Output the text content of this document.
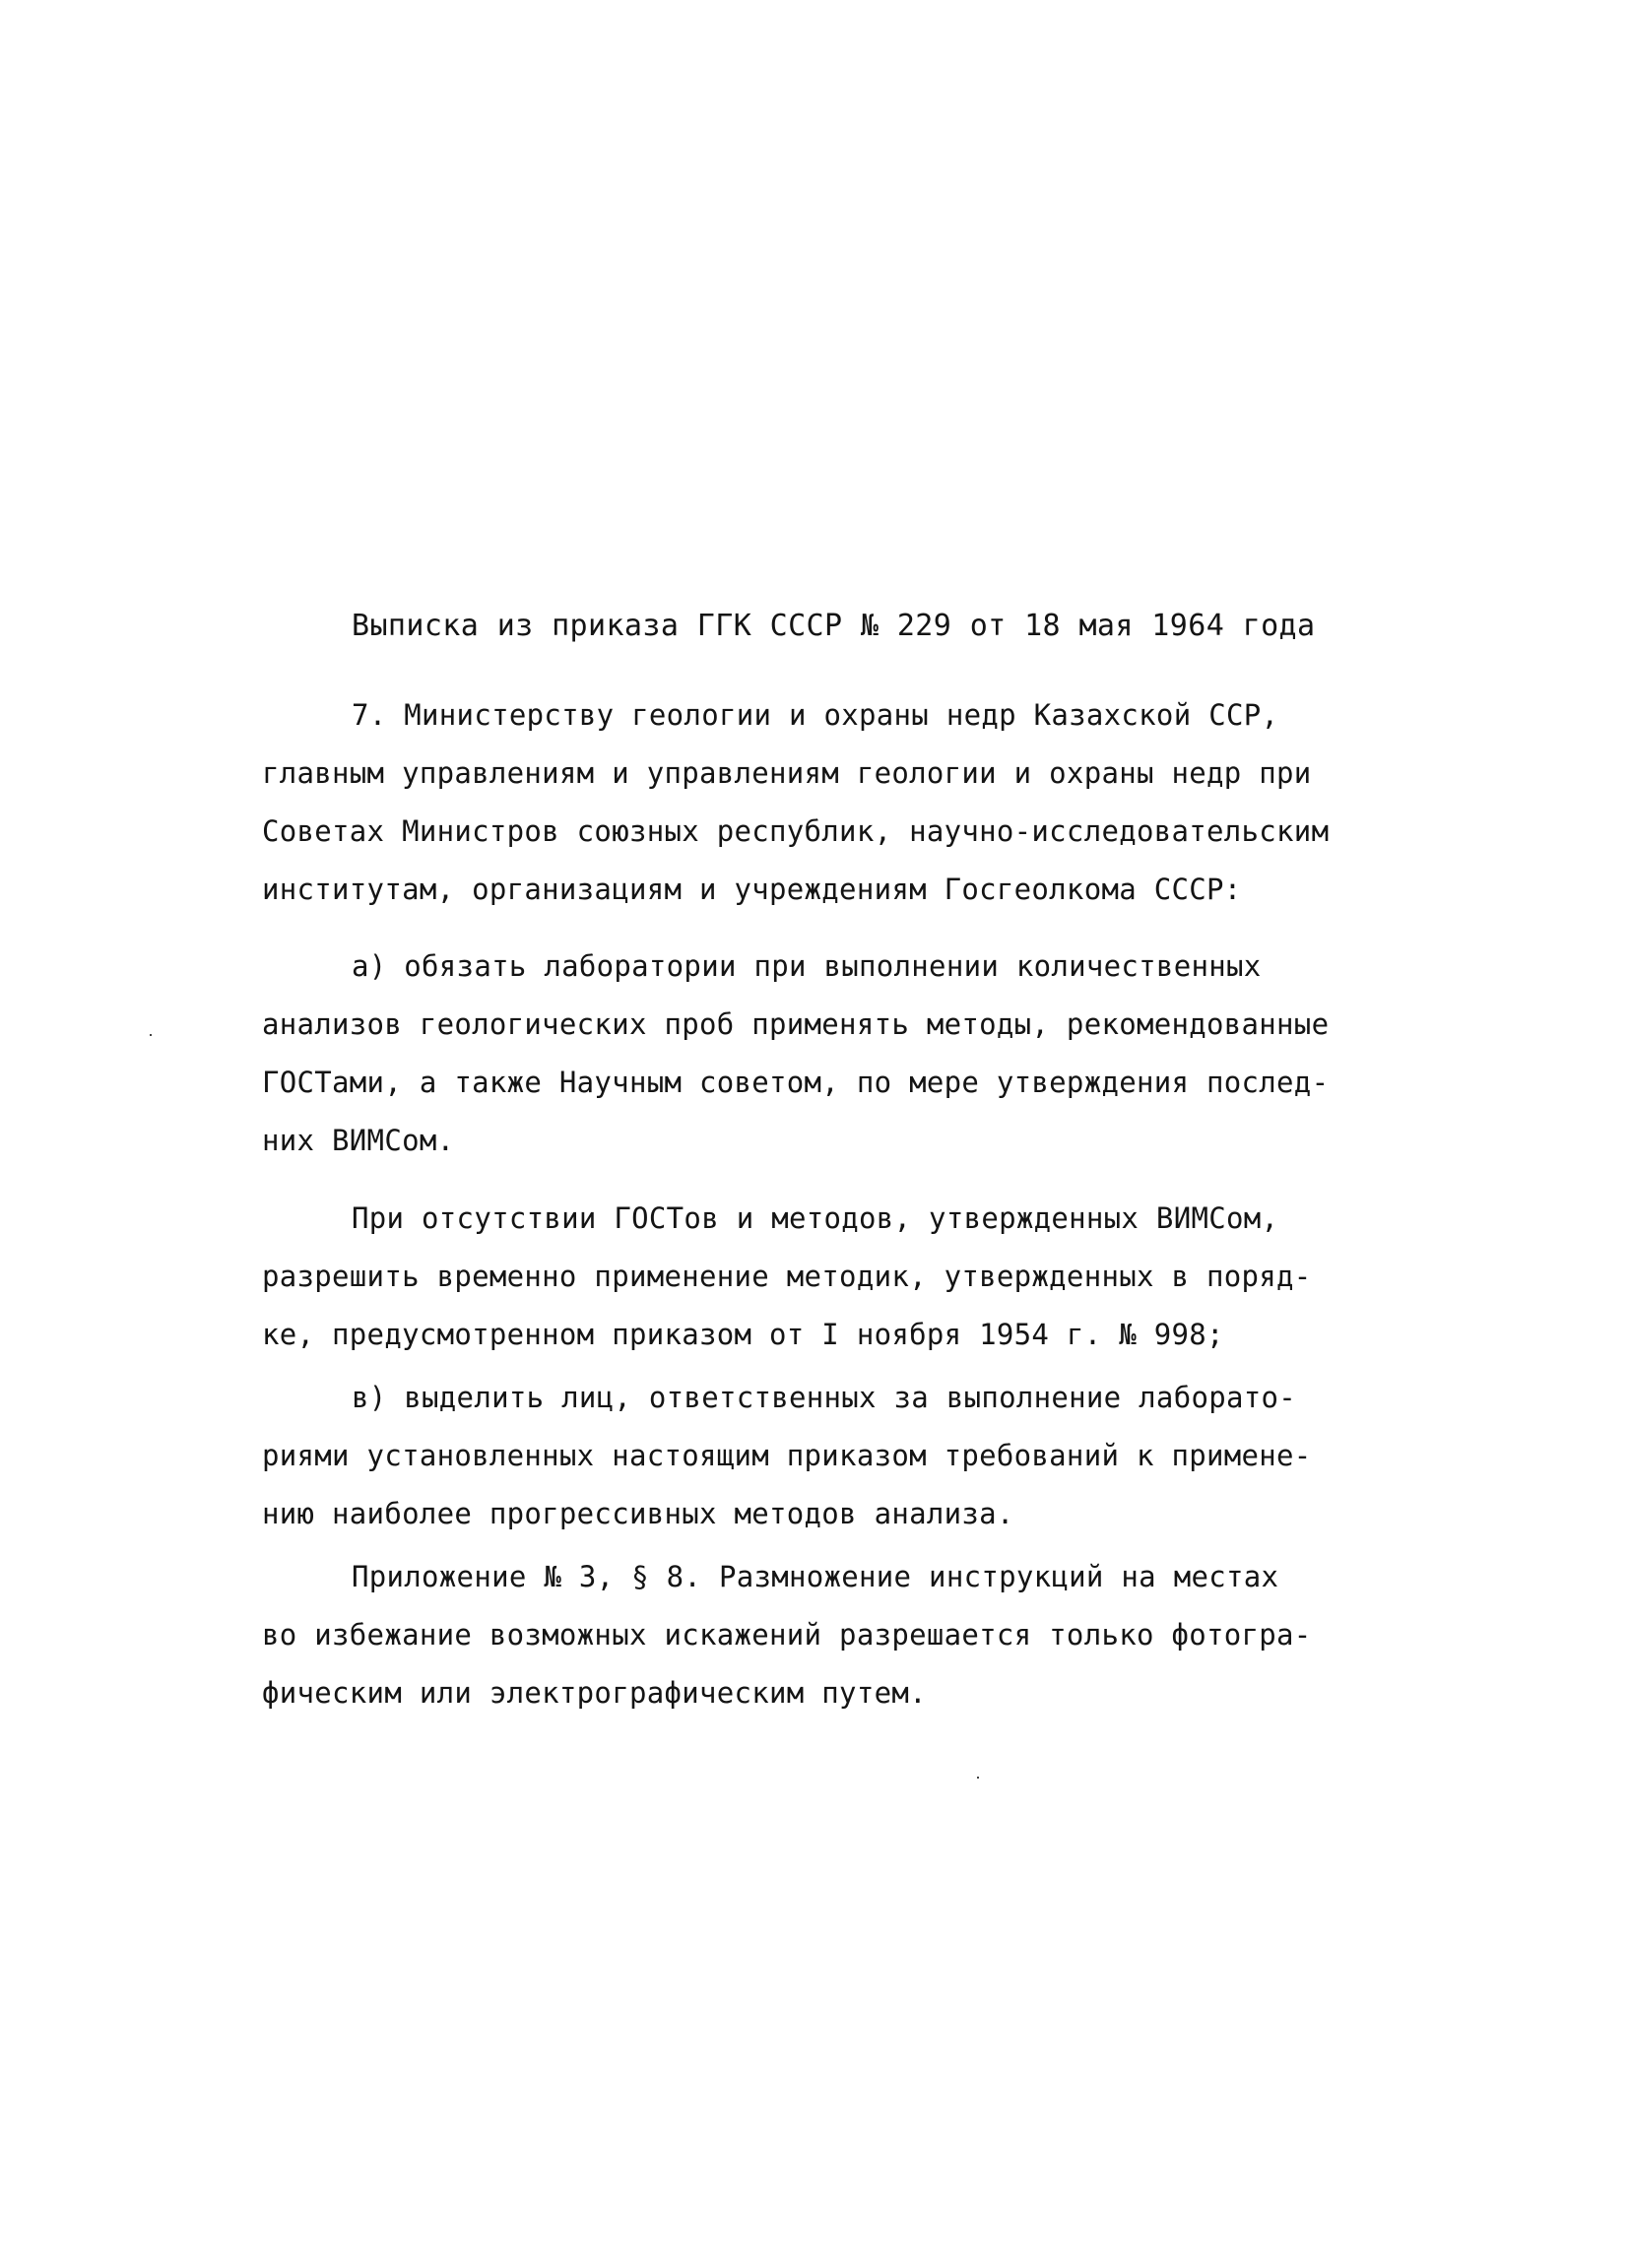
Выписка из приказа ГГК СССР № 229 от 18 мая 1964 года
7. Министерству геологии и охраны недр Казахской ССР,
главным управлениям и управлениям геологии и охраны недр при
Советах Министров союзных республик, научно-исследовательским
институтам, организациям и учреждениям Госгеолкома СССР:
а) обязать лаборатории при выполнении количественных
анализов геологических проб применять методы, рекомендованные
ГОСТами, а также Научным советом, по мере утверждения послед-
них ВИМСом.
При отсутствии ГОСТов и методов, утвержденных ВИМСом,
разрешить временно применение методик, утвержденных в поряд-
ке, предусмотренном приказом от I ноября 1954 г. № 998;
в) выделить лиц, ответственных за выполнение лаборато-
риями установленных настоящим приказом требований к примене-
нию наиболее прогрессивных методов анализа.
Приложение № 3, § 8. Размножение инструкций на местах
во избежание возможных искажений разрешается только фотогра-
фическим или электрографическим путем.
